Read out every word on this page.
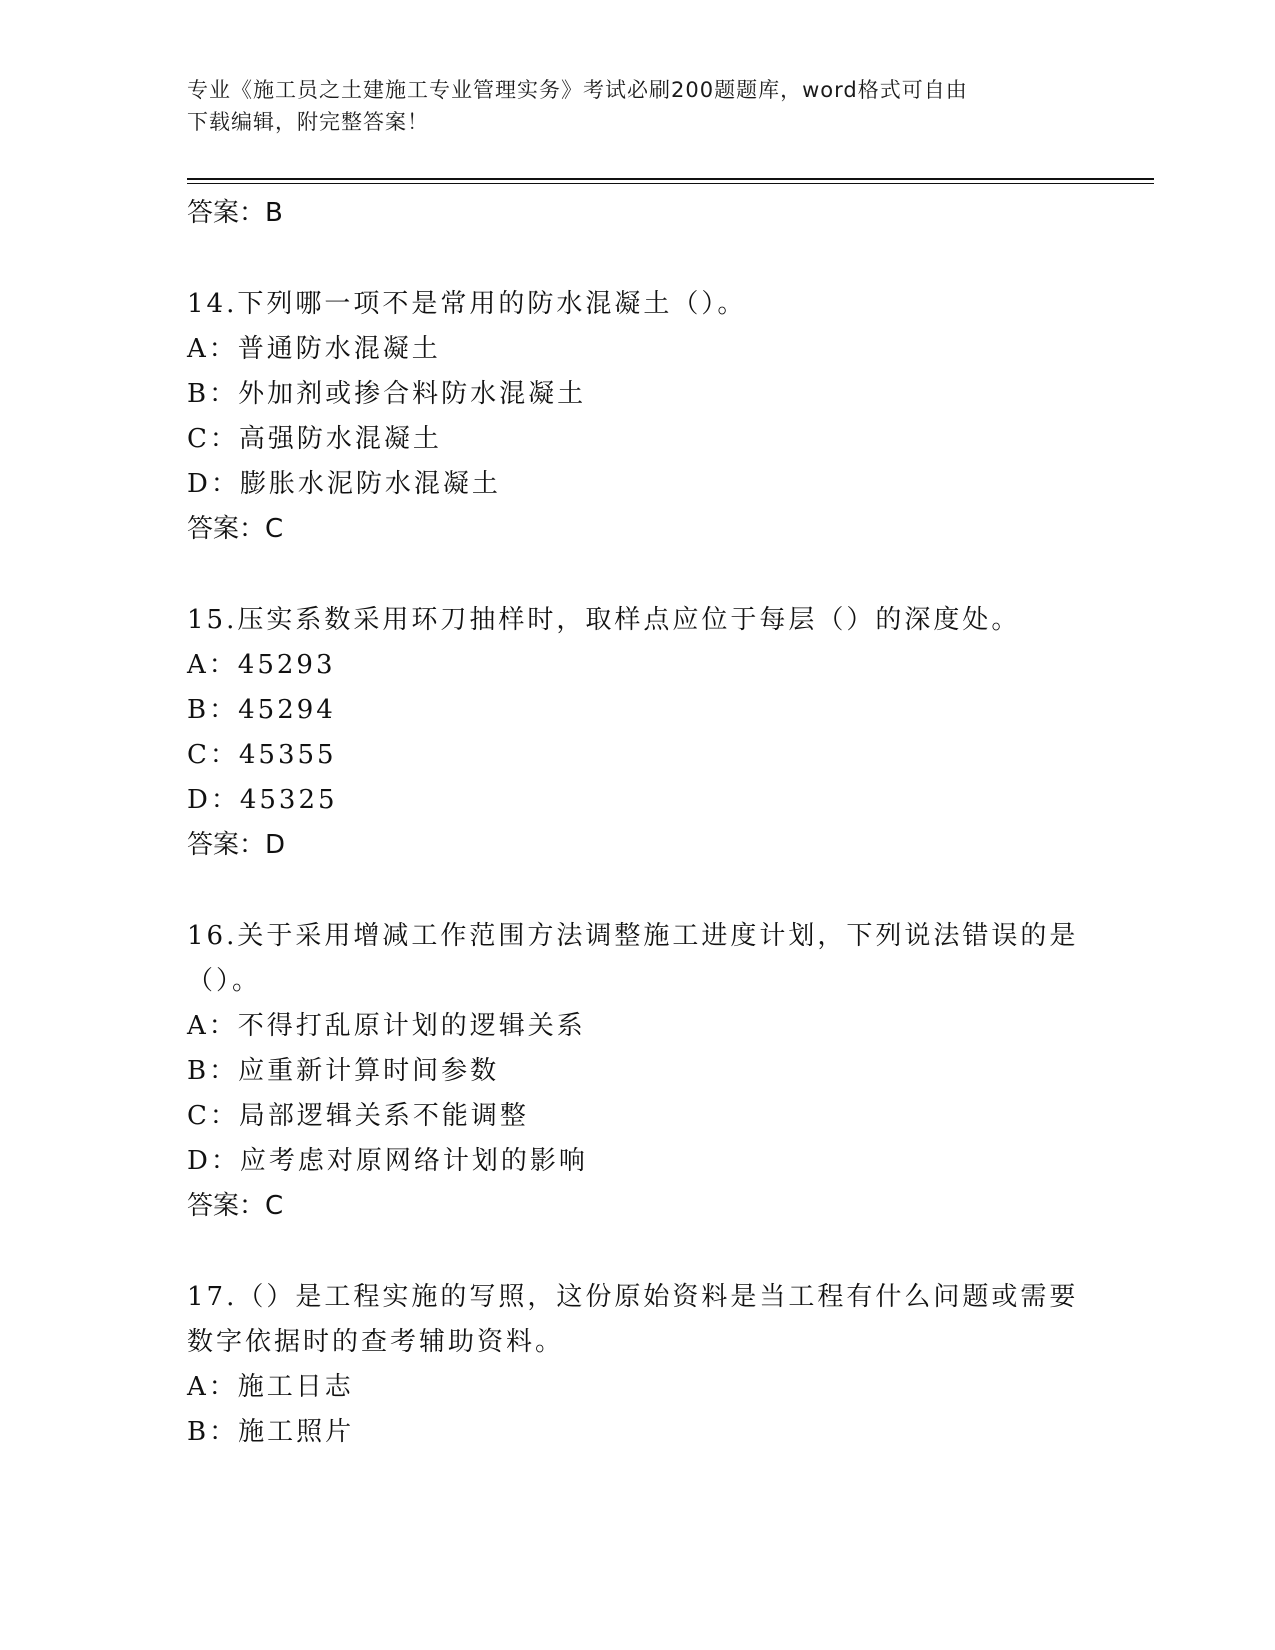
专业《施工员之土建施工专业管理实务》考试必刷200题题库，word格式可自由
下载编辑，附完整答案！
答案：B
14.下列哪一项不是常用的防水混凝土（）。
A：普通防水混凝土
B：外加剂或掺合料防水混凝土
C：高强防水混凝土
D：膨胀水泥防水混凝土
答案：C
15.压实系数采用环刀抽样时，取样点应位于每层（）的深度处。
A：45293
B：45294
C：45355
D：45325
答案：D
16.关于采用增减工作范围方法调整施工进度计划，下列说法错误的是
（）。
A：不得打乱原计划的逻辑关系
B：应重新计算时间参数
C：局部逻辑关系不能调整
D：应考虑对原网络计划的影响
答案：C
17.（）是工程实施的写照，这份原始资料是当工程有什么问题或需要
数字依据时的查考辅助资料。
A：施工日志
B：施工照片
